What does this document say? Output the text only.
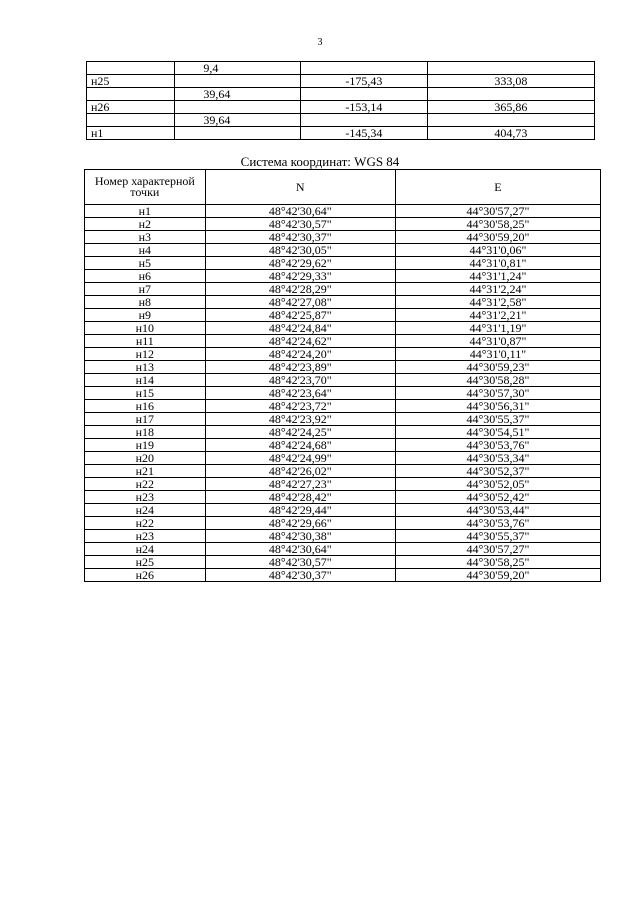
3
	9,4		
н25		-175,43	333,08
	39,64		
н26		-153,14	365,86
	39,64		
н1		-145,34	404,73
Система координат: WGS 84
Номер характерной точки	N	E
н1	48°42'30,64"	44°30'57,27"
н2	48°42'30,57"	44°30'58,25"
н3	48°42'30,37"	44°30'59,20"
н4	48°42'30,05"	44°31'0,06"
н5	48°42'29,62"	44°31'0,81"
н6	48°42'29,33"	44°31'1,24"
н7	48°42'28,29"	44°31'2,24"
н8	48°42'27,08"	44°31'2,58"
н9	48°42'25,87"	44°31'2,21"
н10	48°42'24,84"	44°31'1,19"
н11	48°42'24,62"	44°31'0,87"
н12	48°42'24,20"	44°31'0,11"
н13	48°42'23,89"	44°30'59,23"
н14	48°42'23,70"	44°30'58,28"
н15	48°42'23,64"	44°30'57,30"
н16	48°42'23,72"	44°30'56,31"
н17	48°42'23,92"	44°30'55,37"
н18	48°42'24,25"	44°30'54,51"
н19	48°42'24,68"	44°30'53,76"
н20	48°42'24,99"	44°30'53,34"
н21	48°42'26,02"	44°30'52,37"
н22	48°42'27,23"	44°30'52,05"
н23	48°42'28,42"	44°30'52,42"
н24	48°42'29,44"	44°30'53,44"
н22	48°42'29,66"	44°30'53,76"
н23	48°42'30,38"	44°30'55,37"
н24	48°42'30,64"	44°30'57,27"
н25	48°42'30,57"	44°30'58,25"
н26	48°42'30,37"	44°30'59,20"
